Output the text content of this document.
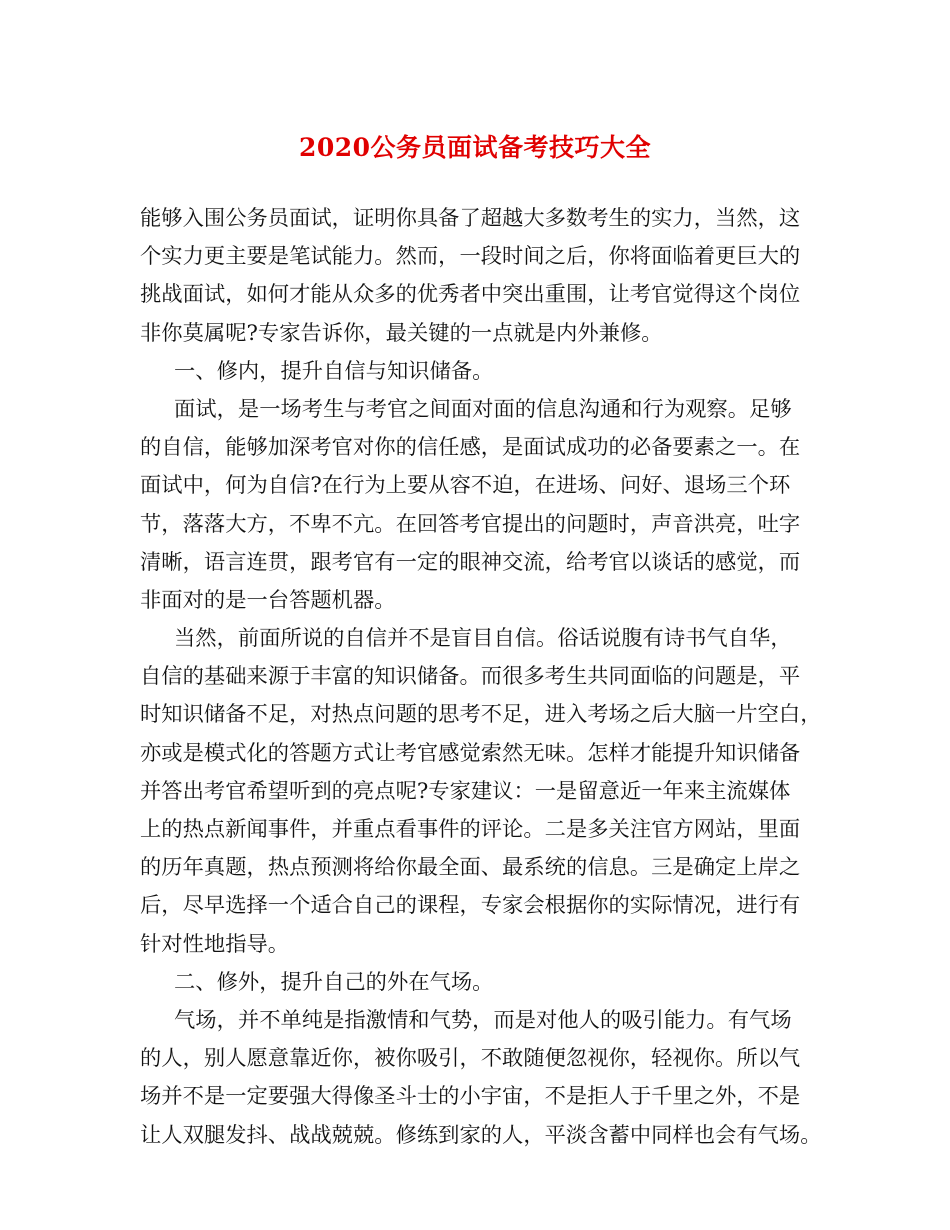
2020公务员面试备考技巧大全
能够入围公务员面试，证明你具备了超越大多数考生的实力，当然，这
个实力更主要是笔试能力。然而，一段时间之后，你将面临着更巨大的
挑战面试，如何才能从众多的优秀者中突出重围，让考官觉得这个岗位
非你莫属呢?专家告诉你，最关键的一点就是内外兼修。
一、修内，提升自信与知识储备。
面试，是一场考生与考官之间面对面的信息沟通和行为观察。足够
的自信，能够加深考官对你的信任感，是面试成功的必备要素之一。在
面试中，何为自信?在行为上要从容不迫，在进场、问好、退场三个环
节，落落大方，不卑不亢。在回答考官提出的问题时，声音洪亮，吐字
清晰，语言连贯，跟考官有一定的眼神交流，给考官以谈话的感觉，而
非面对的是一台答题机器。
当然，前面所说的自信并不是盲目自信。俗话说腹有诗书气自华，
自信的基础来源于丰富的知识储备。而很多考生共同面临的问题是，平
时知识储备不足，对热点问题的思考不足，进入考场之后大脑一片空白，
亦或是模式化的答题方式让考官感觉索然无味。怎样才能提升知识储备
并答出考官希望听到的亮点呢?专家建议：一是留意近一年来主流媒体
上的热点新闻事件，并重点看事件的评论。二是多关注官方网站，里面
的历年真题，热点预测将给你最全面、最系统的信息。三是确定上岸之
后，尽早选择一个适合自己的课程，专家会根据你的实际情况，进行有
针对性地指导。
二、修外，提升自己的外在气场。
气场，并不单纯是指激情和气势，而是对他人的吸引能力。有气场
的人，别人愿意靠近你，被你吸引，不敢随便忽视你，轻视你。所以气
场并不是一定要强大得像圣斗士的小宇宙，不是拒人于千里之外，不是
让人双腿发抖、战战兢兢。修练到家的人，平淡含蓄中同样也会有气场。
